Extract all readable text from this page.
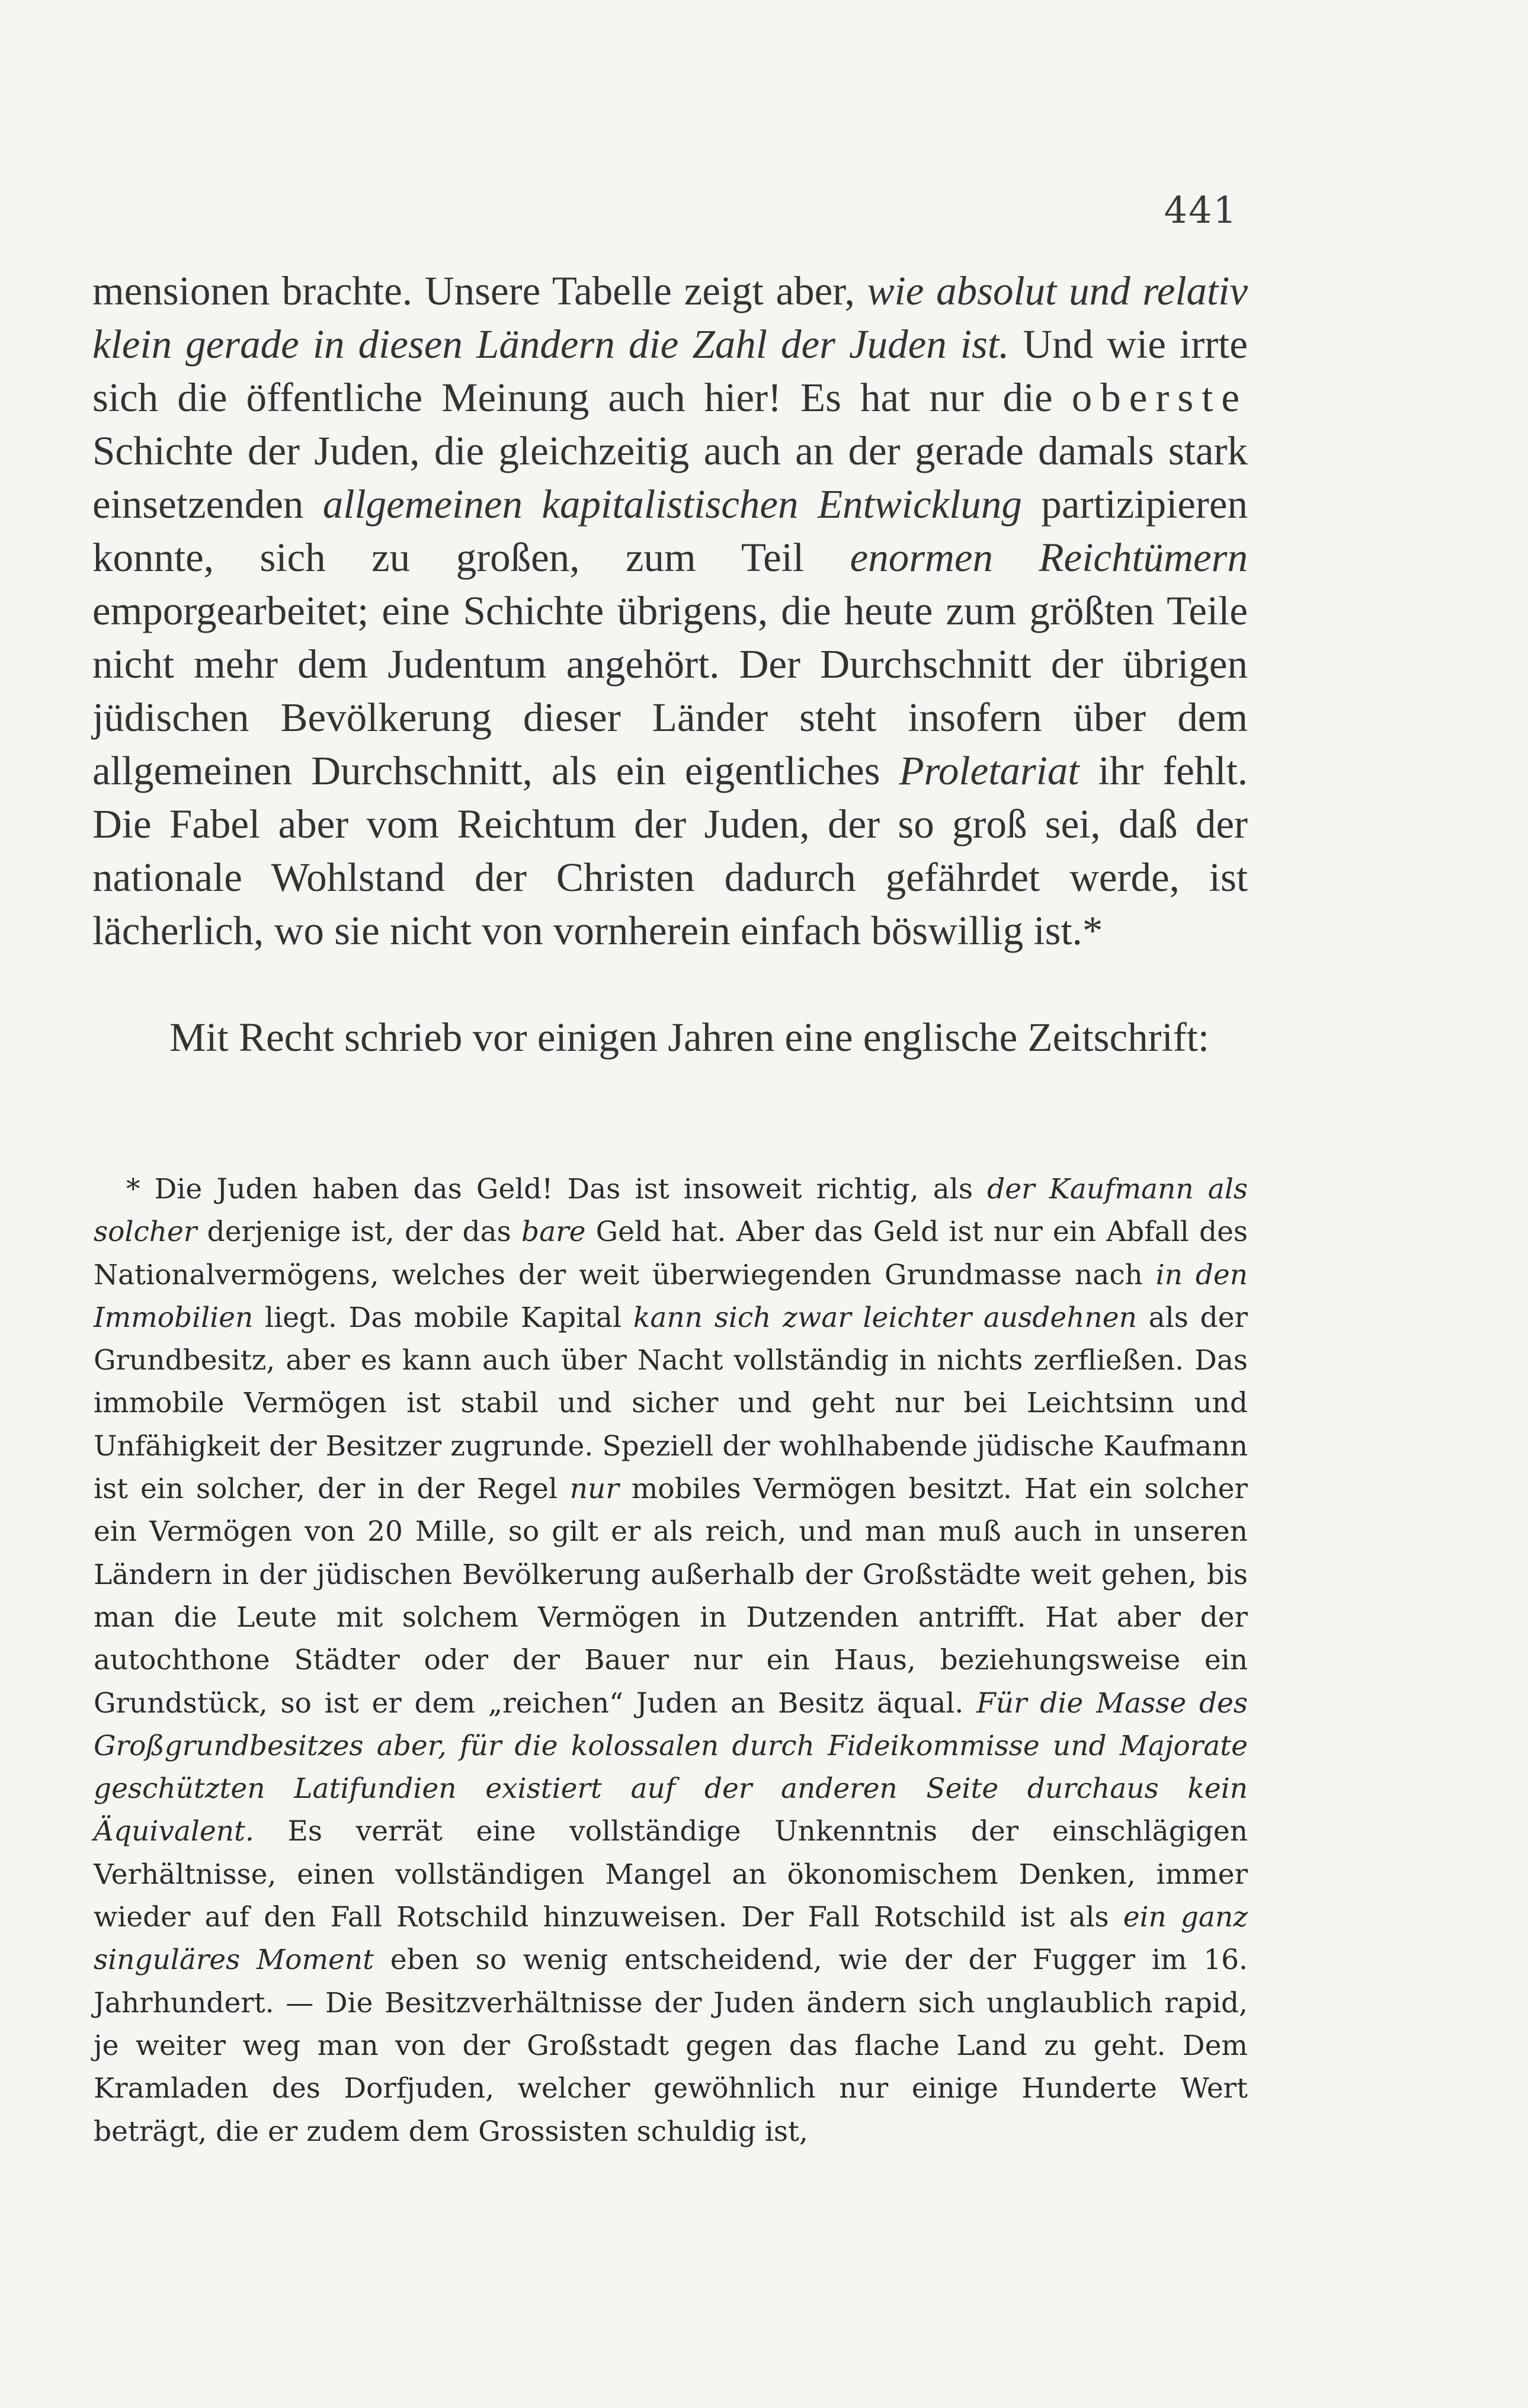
441

mensionen brachte. Unsere Tabelle zeigt aber, wie absolut und relativ klein gerade in diesen Ländern die Zahl der Juden ist. Und wie irrte sich die öffentliche Meinung auch hier! Es hat nur die oberste Schichte der Juden, die gleichzeitig auch an der gerade damals stark einsetzenden allgemeinen kapitalistischen Entwicklung partizipieren konnte, sich zu großen, zum Teil enormen Reichtümern emporgearbeitet; eine Schichte übrigens, die heute zum größten Teile nicht mehr dem Judentum angehört. Der Durchschnitt der übrigen jüdischen Bevölkerung dieser Länder steht insofern über dem allgemeinen Durchschnitt, als ein eigentliches Proletariat ihr fehlt. Die Fabel aber vom Reichtum der Juden, der so groß sei, daß der nationale Wohlstand der Christen dadurch gefährdet werde, ist lächerlich, wo sie nicht von vornherein einfach böswillig ist.*

Mit Recht schrieb vor einigen Jahren eine englische Zeitschrift:

* Die Juden haben das Geld! Das ist insoweit richtig, als der Kaufmann als solcher derjenige ist, der das bare Geld hat. Aber das Geld ist nur ein Abfall des Nationalvermögens, welches der weit überwiegenden Grundmasse nach in den Immobilien liegt. Das mobile Kapital kann sich zwar leichter ausdehnen als der Grundbesitz, aber es kann auch über Nacht vollständig in nichts zerfließen. Das immobile Vermögen ist stabil und sicher und geht nur bei Leichtsinn und Unfähigkeit der Besitzer zugrunde. Speziell der wohlhabende jüdische Kaufmann ist ein solcher, der in der Regel nur mobiles Vermögen besitzt. Hat ein solcher ein Vermögen von 20 Mille, so gilt er als reich, und man muß auch in unseren Ländern in der jüdischen Bevölkerung außerhalb der Großstädte weit gehen, bis man die Leute mit solchem Vermögen in Dutzenden antrifft. Hat aber der autochthone Städter oder der Bauer nur ein Haus, beziehungsweise ein Grundstück, so ist er dem „reichen“ Juden an Besitz äqual. Für die Masse des Großgrundbesitzes aber, für die kolossalen durch Fideikommisse und Majorate geschützten Latifundien existiert auf der anderen Seite durchaus kein Äquivalent. Es verrät eine vollständige Unkenntnis der einschlägigen Verhältnisse, einen vollständigen Mangel an ökonomischem Denken, immer wieder auf den Fall Rotschild hinzuweisen. Der Fall Rotschild ist als ein ganz singuläres Moment eben so wenig entscheidend, wie der der Fugger im 16. Jahrhundert. — Die Besitzverhältnisse der Juden ändern sich unglaublich rapid, je weiter weg man von der Großstadt gegen das flache Land zu geht. Dem Kramladen des Dorfjuden, welcher gewöhnlich nur einige Hunderte Wert beträgt, die er zudem dem Grossisten schuldig ist,
